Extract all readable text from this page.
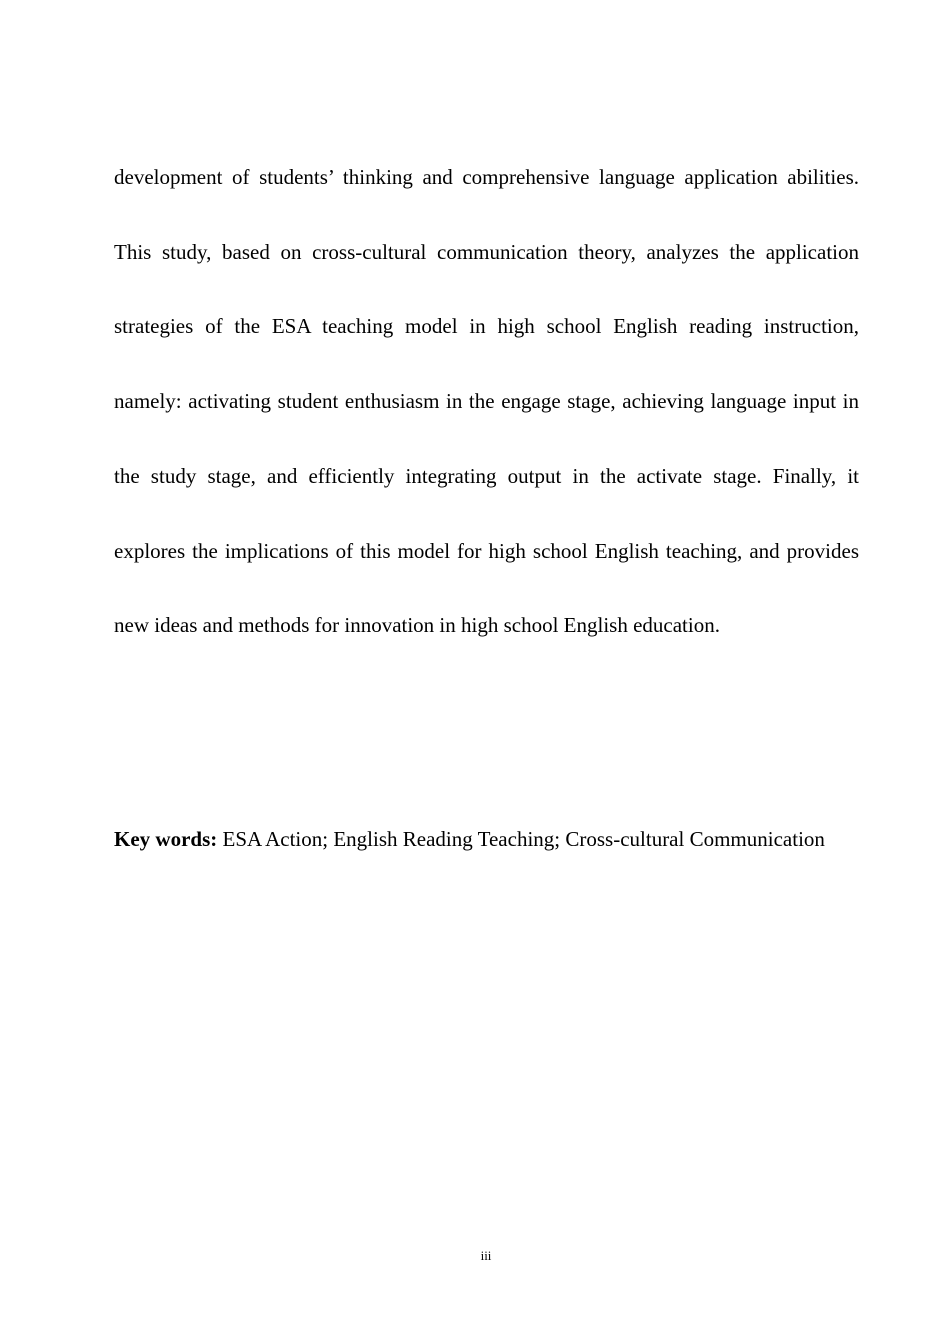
development of students’ thinking and comprehensive language application abilities. This study, based on cross-cultural communication theory, analyzes the application strategies of the ESA teaching model in high school English reading instruction, namely: activating student enthusiasm in the engage stage, achieving language input in the study stage, and efficiently integrating output in the activate stage. Finally, it explores the implications of this model for high school English teaching, and provides new ideas and methods for innovation in high school English education.

Key words: ESA Action; English Reading Teaching; Cross-cultural Communication

iii
